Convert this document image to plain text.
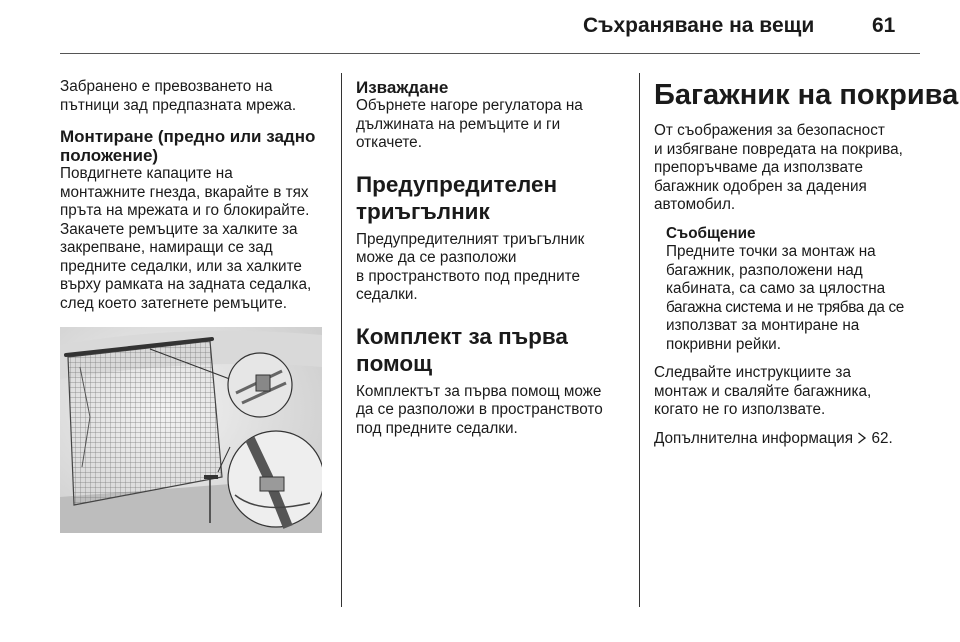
Съхраняване на вещи	61

Забранено е превозването на

пътници зад предпазната мрежа.

Монтиране (предно или задно
положение)

Повдигнете капаците на

монтажните гнезда, вкарайте в тях

пръта на мрежата и го блокирайте.

Закачете ремъците за халките за

закрепване, намиращи се зад

предните седалки, или за халките

върху рамката на задната седалка,

след което затегнете ремъците.

Изваждане

Обърнете нагоре регулатора на

дължината на ремъците и ги

откачете.

Предупредителен
триъгълник

Предупредителният триъгълник

може да се разположи

в пространството под предните

седалки.

Комплект за първа
помощ

Комплектът за първа помощ може

да се разположи в пространството

под предните седалки.

Багажник на покрива

От съображения за безопасност

и избягване повредата на покрива,

препоръчваме да използвате

багажник одобрен за дадения

автомобил.

Съобщение

Предните точки за монтаж на

багажник, разположени над

кабината, са само за цялостна

багажна система и не трябва да се

използват за монтиране на

покривни рейки.

Следвайте инструкциите за

монтаж и сваляйте багажника,

когато не го използвате.

Допълнителна информация 62.
